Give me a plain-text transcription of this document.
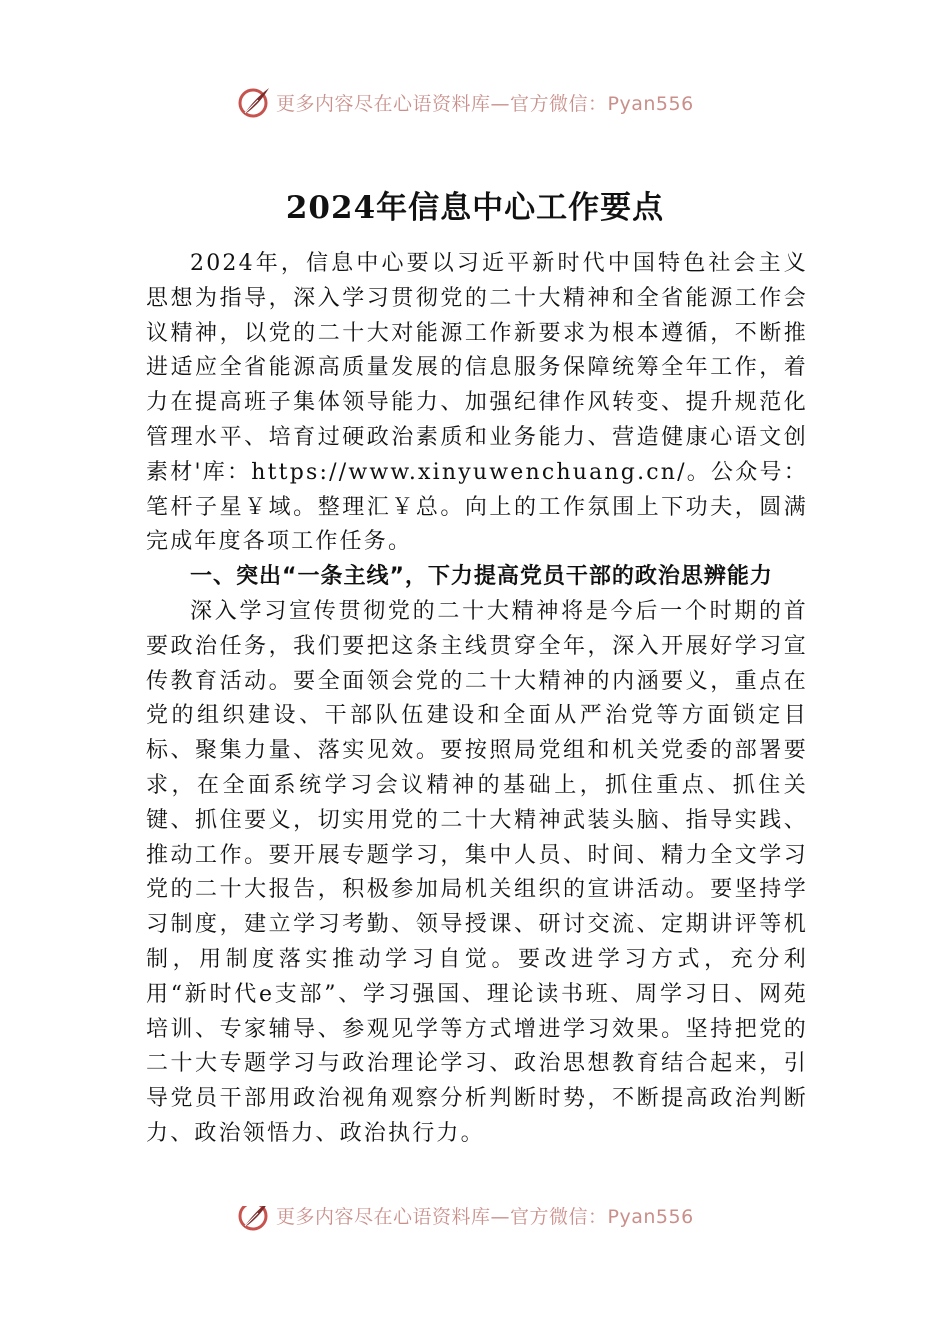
更多内容尽在心语资料库—官方微信：Pyan556
2024年信息中心工作要点

2024年，信息中心要以习近平新时代中国特色社会主义思想为指导，深入学习贯彻党的二十大精神和全省能源工作会议精神，以党的二十大对能源工作新要求为根本遵循，不断推进适应全省能源高质量发展的信息服务保障统筹全年工作，着力在提高班子集体领导能力、加强纪律作风转变、提升规范化管理水平、培育过硬政治素质和业务能力、营造健康心语文创素材'库：https://www.xinyuwenchuang.cn/。公众号：笔杆子星￥域。整理汇￥总。向上的工作氛围上下功夫，圆满完成年度各项工作任务。

一、突出“一条主线”，下力提高党员干部的政治思辨能力

深入学习宣传贯彻党的二十大精神将是今后一个时期的首要政治任务，我们要把这条主线贯穿全年，深入开展好学习宣传教育活动。要全面领会党的二十大精神的内涵要义，重点在党的组织建设、干部队伍建设和全面从严治党等方面锁定目标、聚集力量、落实见效。要按照局党组和机关党委的部署要求，在全面系统学习会议精神的基础上，抓住重点、抓住关键、抓住要义，切实用党的二十大精神武装头脑、指导实践、推动工作。要开展专题学习，集中人员、时间、精力全文学习党的二十大报告，积极参加局机关组织的宣讲活动。要坚持学习制度，建立学习考勤、领导授课、研讨交流、定期讲评等机制，用制度落实推动学习自觉。要改进学习方式，充分利用“新时代e支部”、学习强国、理论读书班、周学习日、网苑培训、专家辅导、参观见学等方式增进学习效果。坚持把党的二十大专题学习与政治理论学习、政治思想教育结合起来，引导党员干部用政治视角观察分析判断时势，不断提高政治判断力、政治领悟力、政治执行力。

更多内容尽在心语资料库—官方微信：Pyan556
